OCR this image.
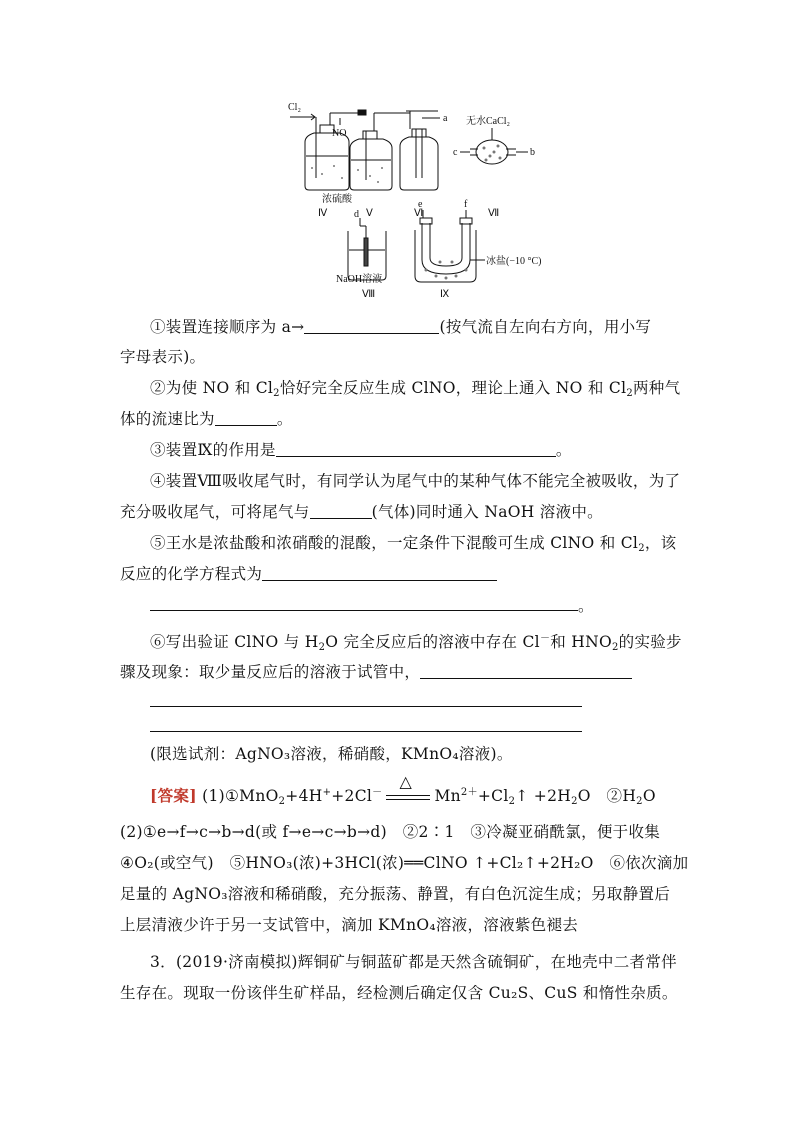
Cl₂
NO
a
c	b
无水CaCl₂
浓硫酸
Ⅳ	Ⅴ	Ⅵ	Ⅶ
d
e	f
NaOH溶液
冰盐(−10 °C)
Ⅷ	Ⅸ
①装置连接顺序为 a→	(按气流自左向右方向，用小写
字母表示)。
②为使 NO 和 $Cl_2$恰好完全反应生成 ClNO，理论上通入 NO 和 $Cl_2$两种气
体的流速比为	。
③装置Ⅸ的作用是	。
④装置Ⅷ吸收尾气时，有同学认为尾气中的某种气体不能完全被吸收，为了
充分吸收尾气，可将尾气与	(气体)同时通入 NaOH 溶液中。
⑤王水是浓盐酸和浓硝酸的混酸，一定条件下混酸可生成 ClNO 和 $Cl_2$，该
反应的化学方程式为
。
⑥写出验证 ClNO 与 $H_2O$ 完全反应后的溶液中存在 Cl－和 $HNO_2$的实验步
骤及现象：取少量反应后的溶液于试管中，
(限选试剂：AgNO₃溶液，稀硝酸，KMnO₄溶液)。
[答案] (1)①MnO$_2$+4H++2Cl－
△
$Mn^{2+}+Cl_2↑ +2H_2O$　$②H_2O$
(2)①e→f→c→b→d(或 f→e→c→b→d)　②2∶1　③冷凝亚硝酰氯，便于收集
④O₂(或空气)　⑤HNO₃(浓)+3HCl(浓)══ClNO ↑+Cl₂↑+2H₂O　⑥依次滴加
足量的 AgNO₃溶液和稀硝酸，充分振荡、静置，有白色沉淀生成；另取静置后
上层清液少许于另一支试管中，滴加 KMnO₄溶液，溶液紫色褪去
3．(2019·济南模拟)辉铜矿与铜蓝矿都是天然含硫铜矿，在地壳中二者常伴
生存在。现取一份该伴生矿样品，经检测后确定仅含 Cu₂S、CuS 和惰性杂质。
